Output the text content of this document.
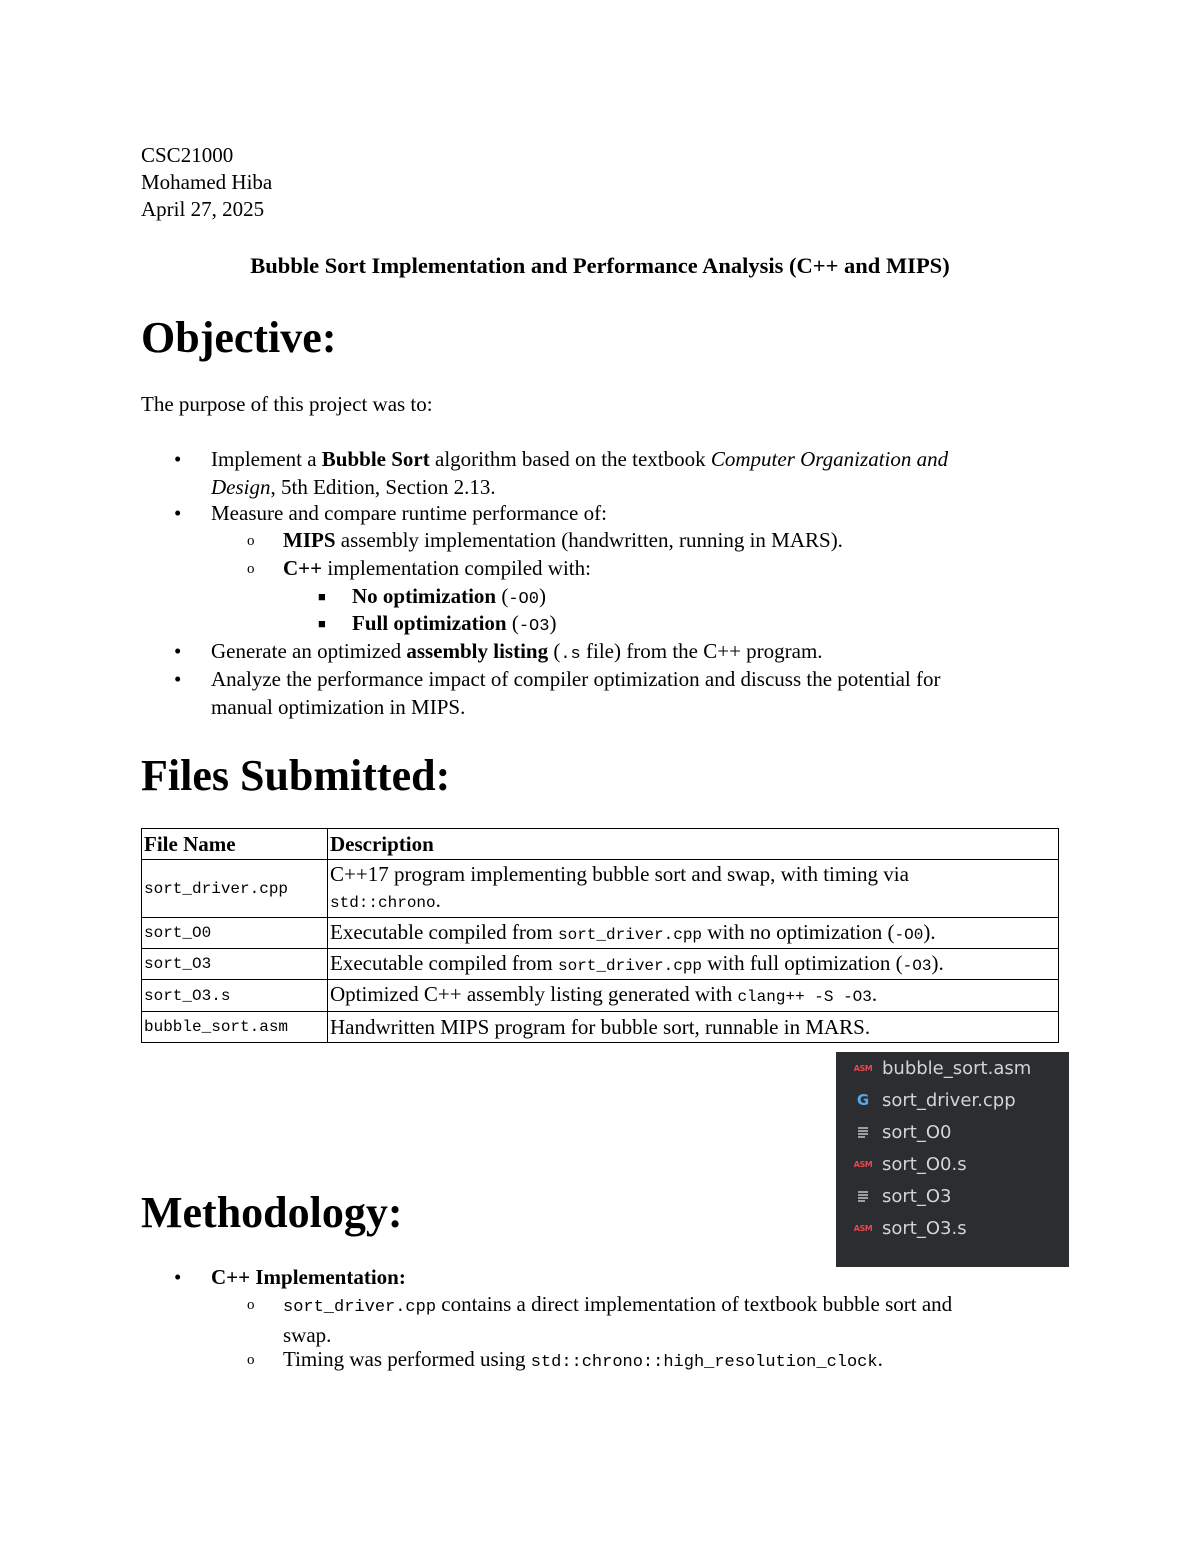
CSC21000
Mohamed Hiba
April 27, 2025
Bubble Sort Implementation and Performance Analysis (C++ and MIPS)
Objective:
The purpose of this project was to:
• Implement a Bubble Sort algorithm based on the textbook Computer Organization and
Design, 5th Edition, Section 2.13.
• Measure and compare runtime performance of:
o MIPS assembly implementation (handwritten, running in MARS).
o C++ implementation compiled with:
■ No optimization (-O0)
■ Full optimization (-O3)
• Generate an optimized assembly listing (.s file) from the C++ program.
• Analyze the performance impact of compiler optimization and discuss the potential for
manual optimization in MIPS.
Files Submitted:
File Name	Description
sort_driver.cpp	C++17 program implementing bubble sort and swap, with timing via
std::chrono.
sort_O0	Executable compiled from sort_driver.cpp with no optimization (-O0).
sort_O3	Executable compiled from sort_driver.cpp with full optimization (-O3).
sort_O3.s	Optimized C++ assembly listing generated with clang++ -S -O3.
bubble_sort.asm	Handwritten MIPS program for bubble sort, runnable in MARS.
ASM bubble_sort.asm
G sort_driver.cpp
sort_O0
ASM sort_O0.s
sort_O3
ASM sort_O3.s
Methodology:
• C++ Implementation:
o sort_driver.cpp contains a direct implementation of textbook bubble sort and
swap.
o Timing was performed using std::chrono::high_resolution_clock.
